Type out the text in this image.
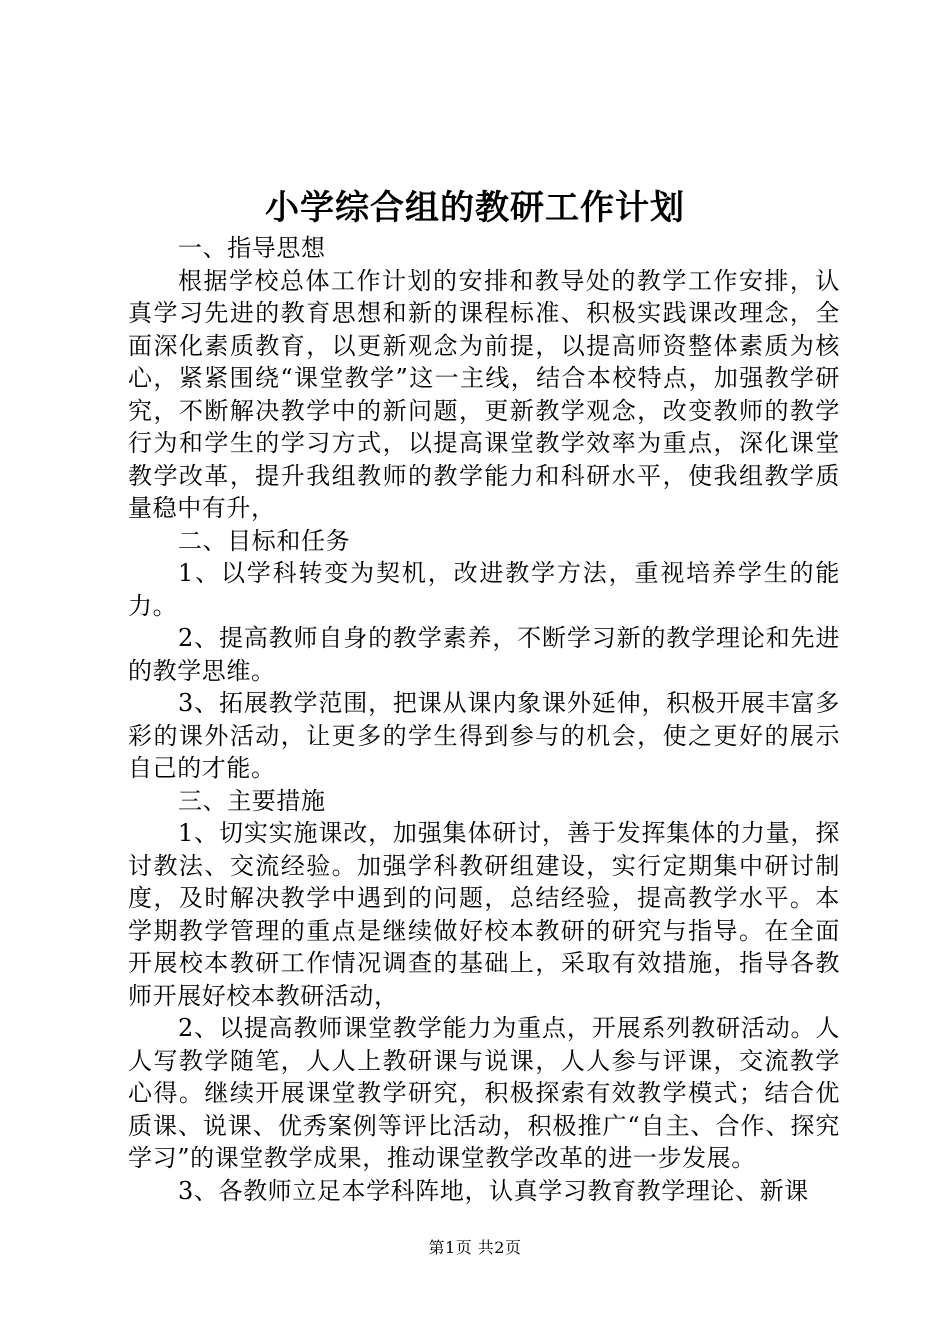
小学综合组的教研工作计划

一、指导思想

根据学校总体工作计划的安排和教导处的教学工作安排，认真学习先进的教育思想和新的课程标准、积极实践课改理念，全面深化素质教育，以更新观念为前提，以提高师资整体素质为核心，紧紧围绕“课堂教学”这一主线，结合本校特点，加强教学研究，不断解决教学中的新问题，更新教学观念，改变教师的教学行为和学生的学习方式，以提高课堂教学效率为重点，深化课堂教学改革，提升我组教师的教学能力和科研水平，使我组教学质量稳中有升，

二、目标和任务

1、以学科转变为契机，改进教学方法，重视培养学生的能力。

2、提高教师自身的教学素养，不断学习新的教学理论和先进的教学思维。

3、拓展教学范围，把课从课内象课外延伸，积极开展丰富多彩的课外活动，让更多的学生得到参与的机会，使之更好的展示自己的才能。

三、主要措施

1、切实实施课改，加强集体研讨，善于发挥集体的力量，探讨教法、交流经验。加强学科教研组建设，实行定期集中研讨制度，及时解决教学中遇到的问题，总结经验，提高教学水平。本学期教学管理的重点是继续做好校本教研的研究与指导。在全面开展校本教研工作情况调查的基础上，采取有效措施，指导各教师开展好校本教研活动，

2、以提高教师课堂教学能力为重点，开展系列教研活动。人人写教学随笔，人人上教研课与说课，人人参与评课，交流教学心得。继续开展课堂教学研究，积极探索有效教学模式；结合优质课、说课、优秀案例等评比活动，积极推广“自主、合作、探究学习”的课堂教学成果，推动课堂教学改革的进一步发展。

3、各教师立足本学科阵地，认真学习教育教学理论、新课

第1页 共2页
